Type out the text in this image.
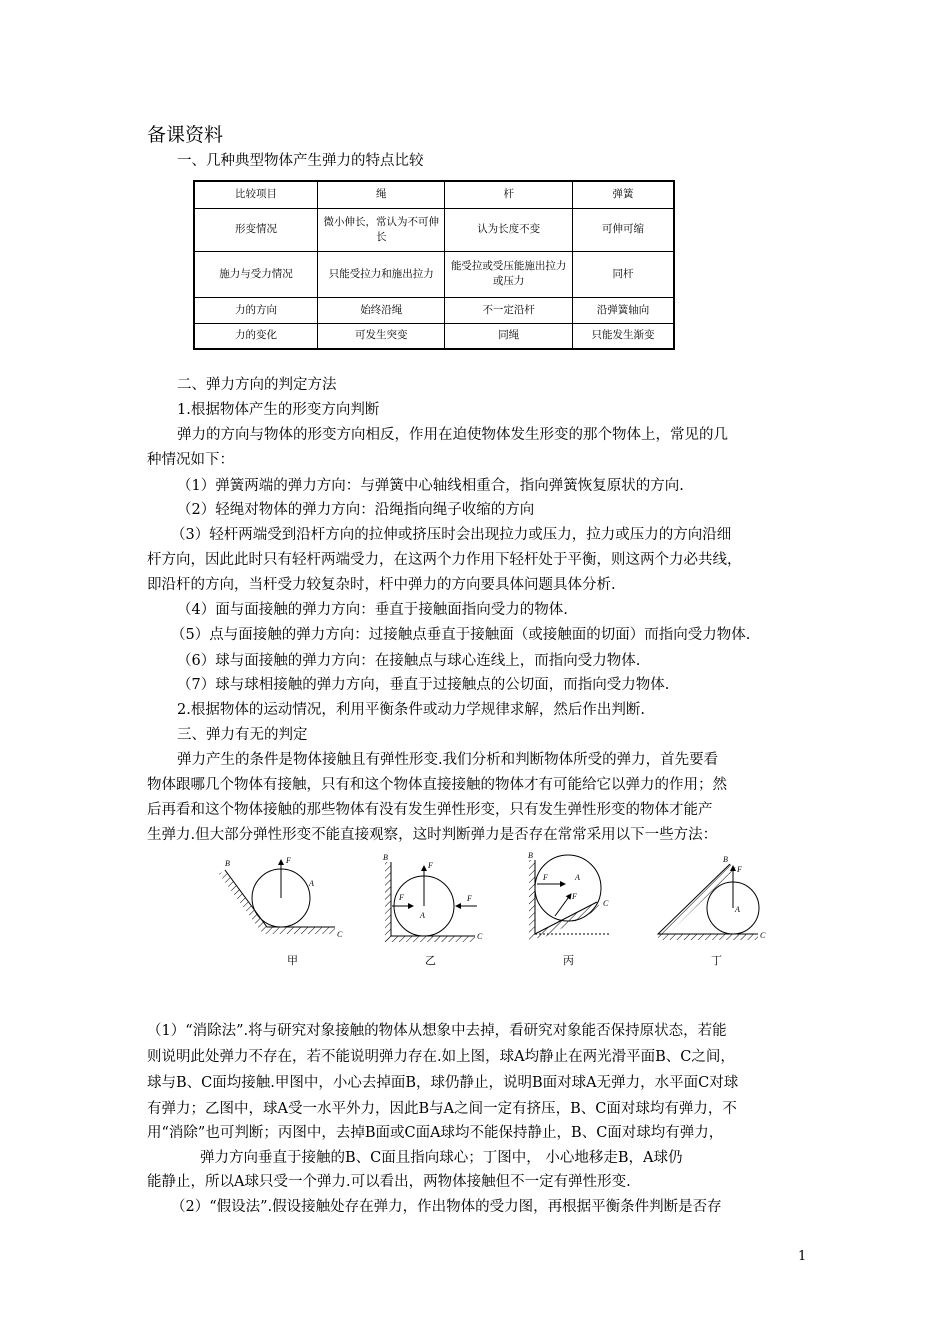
备课资料
一、几种典型物体产生弹力的特点比较
比较项目	绳	杆	弹簧
形变情况	微小伸长，常认为不可伸长	认为长度不变	可伸可缩
施力与受力情况	只能受拉力和施出拉力	能受拉或受压能施出拉力或压力	同杆
力的方向	始终沿绳	不一定沿杆	沿弹簧轴向
力的变化	可发生突变	同绳	只能发生渐变
二、弹力方向的判定方法
1.根据物体产生的形变方向判断
弹力的方向与物体的形变方向相反，作用在迫使物体发生形变的那个物体上，常见的几
种情况如下：
（1）弹簧两端的弹力方向：与弹簧中心轴线相重合，指向弹簧恢复原状的方向.
（2）轻绳对物体的弹力方向：沿绳指向绳子收缩的方向
（3）轻杆两端受到沿杆方向的拉伸或挤压时会出现拉力或压力，拉力或压力的方向沿细
杆方向，因此此时只有轻杆两端受力，在这两个力作用下轻杆处于平衡，则这两个力必共线，
即沿杆的方向，当杆受力较复杂时，杆中弹力的方向要具体问题具体分析.
（4）面与面接触的弹力方向：垂直于接触面指向受力的物体.
（5）点与面接触的弹力方向：过接触点垂直于接触面（或接触面的切面）而指向受力物体.
（6）球与面接触的弹力方向：在接触点与球心连线上，而指向受力物体.
（7）球与球相接触的弹力方向，垂直于过接触点的公切面，而指向受力物体.
2.根据物体的运动情况，利用平衡条件或动力学规律求解，然后作出判断.
三、弹力有无的判定
弹力产生的条件是物体接触且有弹性形变.我们分析和判断物体所受的弹力，首先要看
物体跟哪几个物体有接触，只有和这个物体直接接触的物体才有可能给它以弹力的作用；然
后再看和这个物体接触的那些物体有没有发生弹性形变，只有发生弹性形变的物体才能产
生弹力.但大部分弹性形变不能直接观察，这时判断弹力是否存在常常采用以下一些方法：
B	F
A
C
B
F
F	F
A
C
B
F
F
A
C
B
F
A
C
甲	乙	丙	丁
（1）“消除法”.将与研究对象接触的物体从想象中去掉，看研究对象能否保持原状态，若能
则说明此处弹力不存在，若不能说明弹力存在.如上图，球A均静止在两光滑平面B、C之间，
球与B、C面均接触.甲图中，小心去掉面B，球仍静止，说明B面对球A无弹力，水平面C对球
有弹力；乙图中，球A受一水平外力，因此B与A之间一定有挤压，B、C面对球均有弹力，不
用“消除”也可判断；丙图中，去掉B面或C面A球均不能保持静止，B、C面对球均有弹力，
弹力方向垂直于接触的B、C面且指向球心；丁图中， 小心地移走B，A球仍
能静止，所以A球只受一个弹力.可以看出，两物体接触但不一定有弹性形变.
（2）“假设法”.假设接触处存在弹力，作出物体的受力图，再根据平衡条件判断是否存
1
